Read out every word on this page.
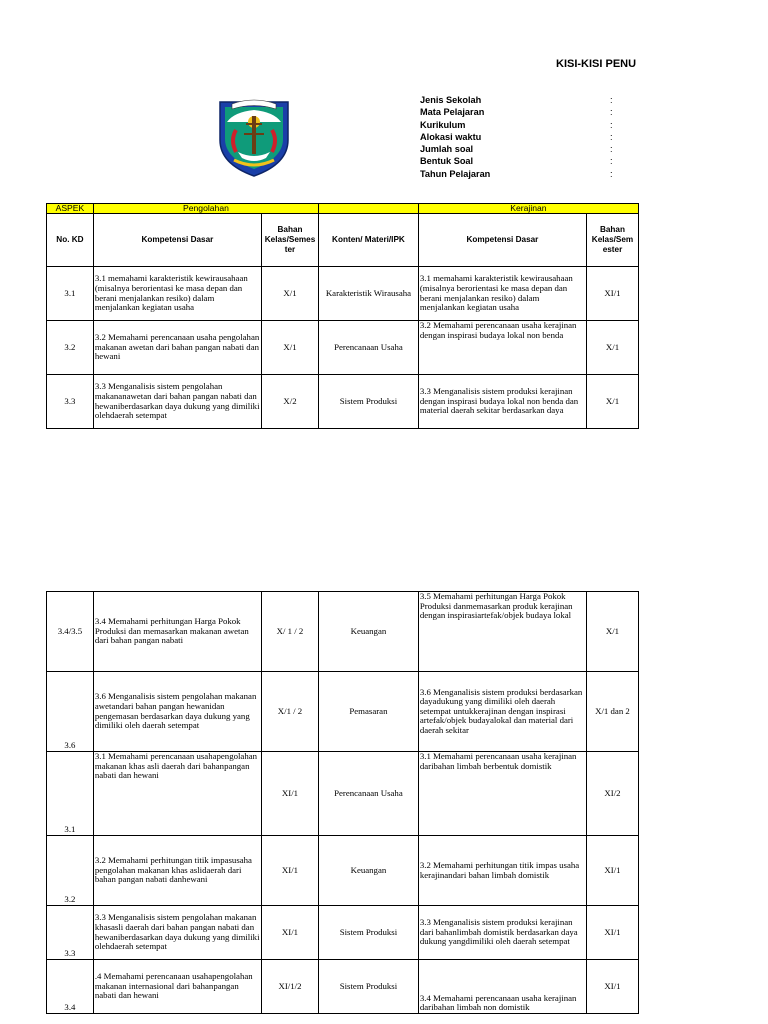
KISI-KISI PENU
Jenis Sekolah	:
Mata Pelajaran	:
Kurikulum	:
Alokasi waktu	:
Jumlah soal	:
Bentuk Soal	:
Tahun Pelajaran	:
ASPEK	Pengolahan			Kerajinan	
No. KD	Kompetensi Dasar	Bahan Kelas/Semes ter	Konten/ Materi/IPK	Kompetensi Dasar	Bahan Kelas/Sem ester
3.1	3.1 memahami karakteristik kewirausahaan (misalnya berorientasi ke masa depan dan berani menjalankan resiko) dalam menjalankan kegiatan usaha	X/1	Karakteristik Wirausaha	3.1 memahami karakteristik kewirausahaan (misalnya berorientasi ke masa depan dan berani menjalankan resiko) dalam menjalankan kegiatan usaha	XI/1
3.2	3.2 Memahami perencanaan usaha pengolahan makanan awetan dari bahan pangan nabati dan hewani	X/1	Perencanaan Usaha	3.2 Memahami perencanaan usaha kerajinan dengan inspirasi budaya lokal non benda	X/1
3.3	3.3 Menganalisis sistem pengolahan makananawetan dari bahan pangan nabati dan hewaniberdasarkan daya dukung yang dimiliki olehdaerah setempat	X/2	Sistem Produksi	3.3 Menganalisis sistem produksi kerajinan dengan inspirasi budaya lokal non benda dan material daerah sekitar berdasarkan daya	X/1
3.4/3.5	3.4 Memahami perhitungan Harga Pokok Produksi dan memasarkan makanan awetan dari bahan pangan nabati	X/ 1 / 2	Keuangan	3.5 Memahami perhitungan Harga Pokok Produksi danmemasarkan produk kerajinan dengan inspirasiartefak/objek budaya lokal	X/1
3.6	3.6 Menganalisis sistem pengolahan makanan awetandari bahan pangan hewanidan pengemasan berdasarkan daya dukung yang dimiliki oleh daerah setempat	X/1 / 2	Pemasaran	3.6 Menganalisis sistem produksi berdasarkan dayadukung yang dimiliki oleh daerah setempat untukkerajinan dengan inspirasi artefak/objek budayalokal dan material dari daerah sekitar	X/1 dan 2
3.1	3.1 Memahami perencanaan usahapengolahan makanan khas asli daerah dari bahanpangan nabati dan hewani	XI/1	Perencanaan Usaha	3.1 Memahami perencanaan usaha kerajinan daribahan limbah berbentuk domistik	XI/2
3.2	3.2 Memahami perhitungan titik impasusaha pengolahan makanan khas aslidaerah dari bahan pangan nabati danhewani	XI/1	Keuangan	3.2 Memahami perhitungan titik impas usaha kerajinandari bahan limbah domistik	XI/1
3.3	3.3 Menganalisis sistem pengolahan makanan khasasli daerah dari bahan pangan nabati dan hewaniberdasarkan daya dukung yang dimiliki olehdaerah setempat	XI/1	Sistem Produksi	3.3 Menganalisis sistem produksi kerajinan dari bahanlimbah domistik berdasarkan daya dukung yangdimiliki oleh daerah setempat	XI/1
3.4	.4 Memahami perencanaan usahapengolahan makanan internasional dari bahanpangan nabati dan hewani	XI/1/2	Sistem Produksi	3.4 Memahami perencanaan usaha kerajinan daribahan limbah non domistik	XI/1
